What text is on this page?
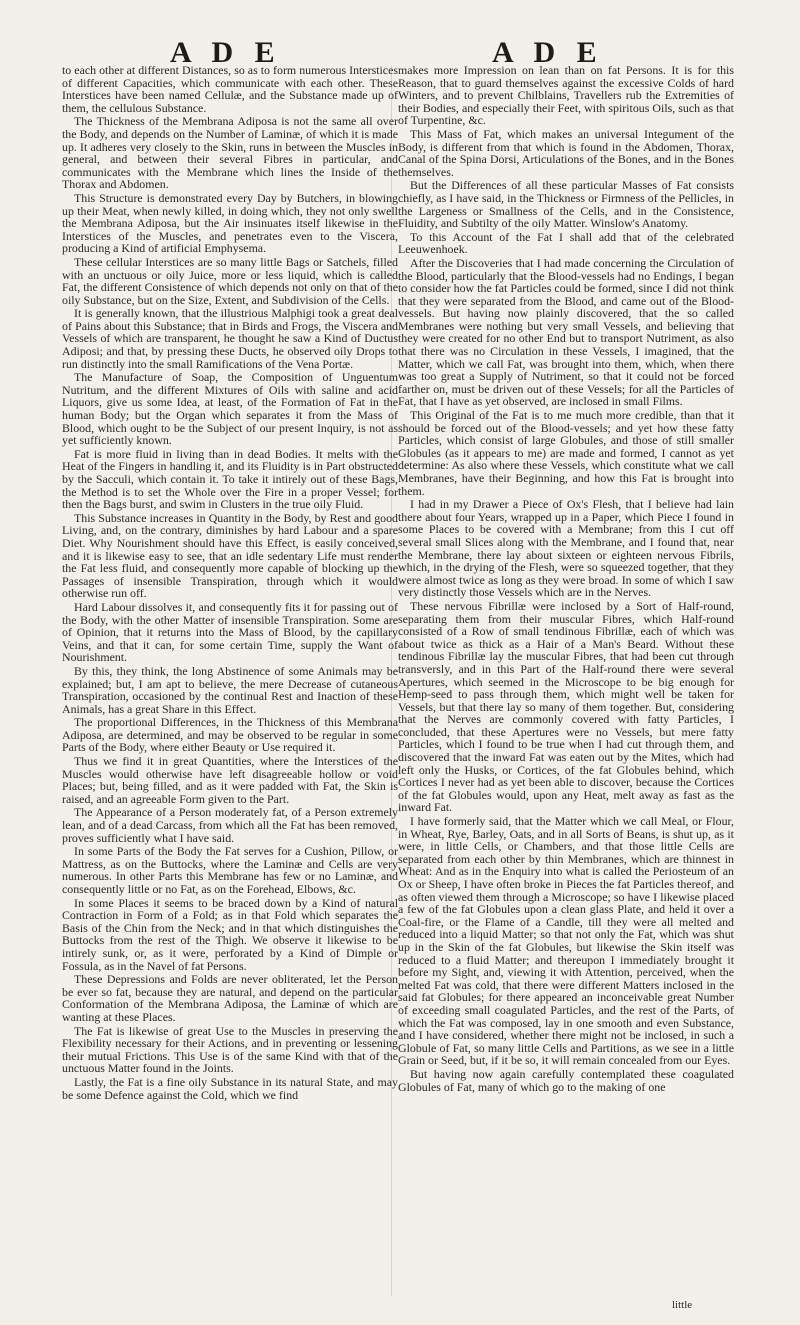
A D E	A D E

to each other at different Distances, so as to form numerous Interstices of different Capacities, which communicate with each other. These Interstices have been named Cellulæ, and the Substance made up of them, the cellulous Substance.

The Thickness of the Membrana Adiposa is not the same all over the Body, and depends on the Number of Laminæ, of which it is made up. It adheres very closely to the Skin, runs in between the Muscles in general, and between their several Fibres in particular, and communicates with the Membrane which lines the Inside of the Thorax and Abdomen.

This Structure is demonstrated every Day by Butchers, in blowing up their Meat, when newly killed, in doing which, they not only swell the Membrana Adiposa, but the Air insinuates itself likewise in the Interstices of the Muscles, and penetrates even to the Viscera, producing a Kind of artificial Emphysema.

These cellular Interstices are so many little Bags or Satchels, filled with an unctuous or oily Juice, more or less liquid, which is called Fat, the different Consistence of which depends not only on that of the oily Substance, but on the Size, Extent, and Subdivision of the Cells.

It is generally known, that the illustrious Malphigi took a great deal of Pains about this Substance; that in Birds and Frogs, the Viscera and Vessels of which are transparent, he thought he saw a Kind of Ductus Adiposi; and that, by pressing these Ducts, he observed oily Drops to run distinctly into the small Ramifications of the Vena Portæ.

The Manufacture of Soap, the Composition of Unguentum Nutritum, and the different Mixtures of Oils with saline and acid Liquors, give us some Idea, at least, of the Formation of Fat in the human Body; but the Organ which separates it from the Mass of Blood, which ought to be the Subject of our present Inquiry, is not as yet sufficiently known.

Fat is more fluid in living than in dead Bodies. It melts with the Heat of the Fingers in handling it, and its Fluidity is in Part obstructed by the Sacculi, which contain it. To take it intirely out of these Bags, the Method is to set the Whole over the Fire in a proper Vessel; for then the Bags burst, and swim in Clusters in the true oily Fluid.

This Substance increases in Quantity in the Body, by Rest and good Living, and, on the contrary, diminishes by hard Labour and a spare Diet. Why Nourishment should have this Effect, is easily conceived, and it is likewise easy to see, that an idle sedentary Life must render the Fat less fluid, and consequently more capable of blocking up the Passages of insensible Transpiration, through which it would otherwise run off.

Hard Labour dissolves it, and consequently fits it for passing out of the Body, with the other Matter of insensible Transpiration. Some are of Opinion, that it returns into the Mass of Blood, by the capillary Veins, and that it can, for some certain Time, supply the Want of Nourishment.

By this, they think, the long Abstinence of some Animals may be explained; but, I am apt to believe, the mere Decrease of cutaneous Transpiration, occasioned by the continual Rest and Inaction of these Animals, has a great Share in this Effect.

The proportional Differences, in the Thickness of this Membrana Adiposa, are determined, and may be observed to be regular in some Parts of the Body, where either Beauty or Use required it.

Thus we find it in great Quantities, where the Interstices of the Muscles would otherwise have left disagreeable hollow or void Places; but, being filled, and as it were padded with Fat, the Skin is raised, and an agreeable Form given to the Part.

The Appearance of a Person moderately fat, of a Person extremely lean, and of a dead Carcass, from which all the Fat has been removed, proves sufficiently what I have said.

In some Parts of the Body the Fat serves for a Cushion, Pillow, or Mattress, as on the Buttocks, where the Laminæ and Cells are very numerous. In other Parts this Membrane has few or no Laminæ, and consequently little or no Fat, as on the Forehead, Elbows, &c.

In some Places it seems to be braced down by a Kind of natural Contraction in Form of a Fold; as in that Fold which separates the Basis of the Chin from the Neck; and in that which distinguishes the Buttocks from the rest of the Thigh. We observe it likewise to be intirely sunk, or, as it were, perforated by a Kind of Dimple or Fossula, as in the Navel of fat Persons.

These Depressions and Folds are never obliterated, let the Person be ever so fat, because they are natural, and depend on the particular Conformation of the Membrana Adiposa, the Laminæ of which are wanting at these Places.

The Fat is likewise of great Use to the Muscles in preserving the Flexibility necessary for their Actions, and in preventing or lessening their mutual Frictions. This Use is of the same Kind with that of the unctuous Matter found in the Joints.

Lastly, the Fat is a fine oily Substance in its natural State, and may be some Defence against the Cold, which we find

makes more Impression on lean than on fat Persons. It is for this Reason, that to guard themselves against the excessive Colds of hard Winters, and to prevent Chilblains, Travellers rub the Extremities of their Bodies, and especially their Feet, with spiritous Oils, such as that of Turpentine, &c.

This Mass of Fat, which makes an universal Integument of the Body, is different from that which is found in the Abdomen, Thorax, Canal of the Spina Dorsi, Articulations of the Bones, and in the Bones themselves.

But the Differences of all these particular Masses of Fat consists chiefly, as I have said, in the Thickness or Firmness of the Pellicles, in the Largeness or Smallness of the Cells, and in the Consistence, Fluidity, and Subtilty of the oily Matter. Winslow's Anatomy.

To this Account of the Fat I shall add that of the celebrated Leeuwenhoek.

After the Discoveries that I had made concerning the Circulation of the Blood, particularly that the Blood-vessels had no Endings, I began to consider how the fat Particles could be formed, since I did not think that they were separated from the Blood, and came out of the Blood-vessels. But having now plainly discovered, that the so called Membranes were nothing but very small Vessels, and believing that they were created for no other End but to transport Nutriment, as also that there was no Circulation in these Vessels, I imagined, that the Matter, which we call Fat, was brought into them, which, when there was too great a Supply of Nutriment, so that it could not be forced farther on, must be driven out of these Vessels; for all the Particles of Fat, that I have as yet observed, are inclosed in small Films.

This Original of the Fat is to me much more credible, than that it should be forced out of the Blood-vessels; and yet how these fatty Particles, which consist of large Globules, and those of still smaller Globules (as it appears to me) are made and formed, I cannot as yet determine: As also where these Vessels, which constitute what we call Membranes, have their Beginning, and how this Fat is brought into them.

I had in my Drawer a Piece of Ox's Flesh, that I believe had lain there about four Years, wrapped up in a Paper, which Piece I found in some Places to be covered with a Membrane; from this I cut off several small Slices along with the Membrane, and I found that, near the Membrane, there lay about sixteen or eighteen nervous Fibrils, which, in the drying of the Flesh, were so squeezed together, that they were almost twice as long as they were broad. In some of which I saw very distinctly those Vessels which are in the Nerves.

These nervous Fibrillæ were inclosed by a Sort of Half-round, separating them from their muscular Fibres, which Half-round consisted of a Row of small tendinous Fibrillæ, each of which was about twice as thick as a Hair of a Man's Beard. Without these tendinous Fibrillæ lay the muscular Fibres, that had been cut through transversly, and in this Part of the Half-round there were several Apertures, which seemed in the Microscope to be big enough for Hemp-seed to pass through them, which might well be taken for Vessels, but that there lay so many of them together. But, considering that the Nerves are commonly covered with fatty Particles, I concluded, that these Apertures were no Vessels, but mere fatty Particles, which I found to be true when I had cut through them, and discovered that the inward Fat was eaten out by the Mites, which had left only the Husks, or Cortices, of the fat Globules behind, which Cortices I never had as yet been able to discover, because the Cortices of the fat Globules would, upon any Heat, melt away as fast as the inward Fat.

I have formerly said, that the Matter which we call Meal, or Flour, in Wheat, Rye, Barley, Oats, and in all Sorts of Beans, is shut up, as it were, in little Cells, or Chambers, and that those little Cells are separated from each other by thin Membranes, which are thinnest in Wheat: And as in the Enquiry into what is called the Periosteum of an Ox or Sheep, I have often broke in Pieces the fat Particles thereof, and as often viewed them through a Microscope; so have I likewise placed a few of the fat Globules upon a clean glass Plate, and held it over a Coal-fire, or the Flame of a Candle, till they were all melted and reduced into a liquid Matter; so that not only the Fat, which was shut up in the Skin of the fat Globules, but likewise the Skin itself was reduced to a fluid Matter; and thereupon I immediately brought it before my Sight, and, viewing it with Attention, perceived, when the melted Fat was cold, that there were different Matters inclosed in the said fat Globules; for there appeared an inconceivable great Number of exceeding small coagulated Particles, and the rest of the Parts, of which the Fat was composed, lay in one smooth and even Substance, and I have considered, whether there might not be inclosed, in such a Globule of Fat, so many little Cells and Partitions, as we see in a little Grain or Seed, but, if it be so, it will remain concealed from our Eyes.

But having now again carefully contemplated these coagulated Globules of Fat, many of which go to the making of one

little
